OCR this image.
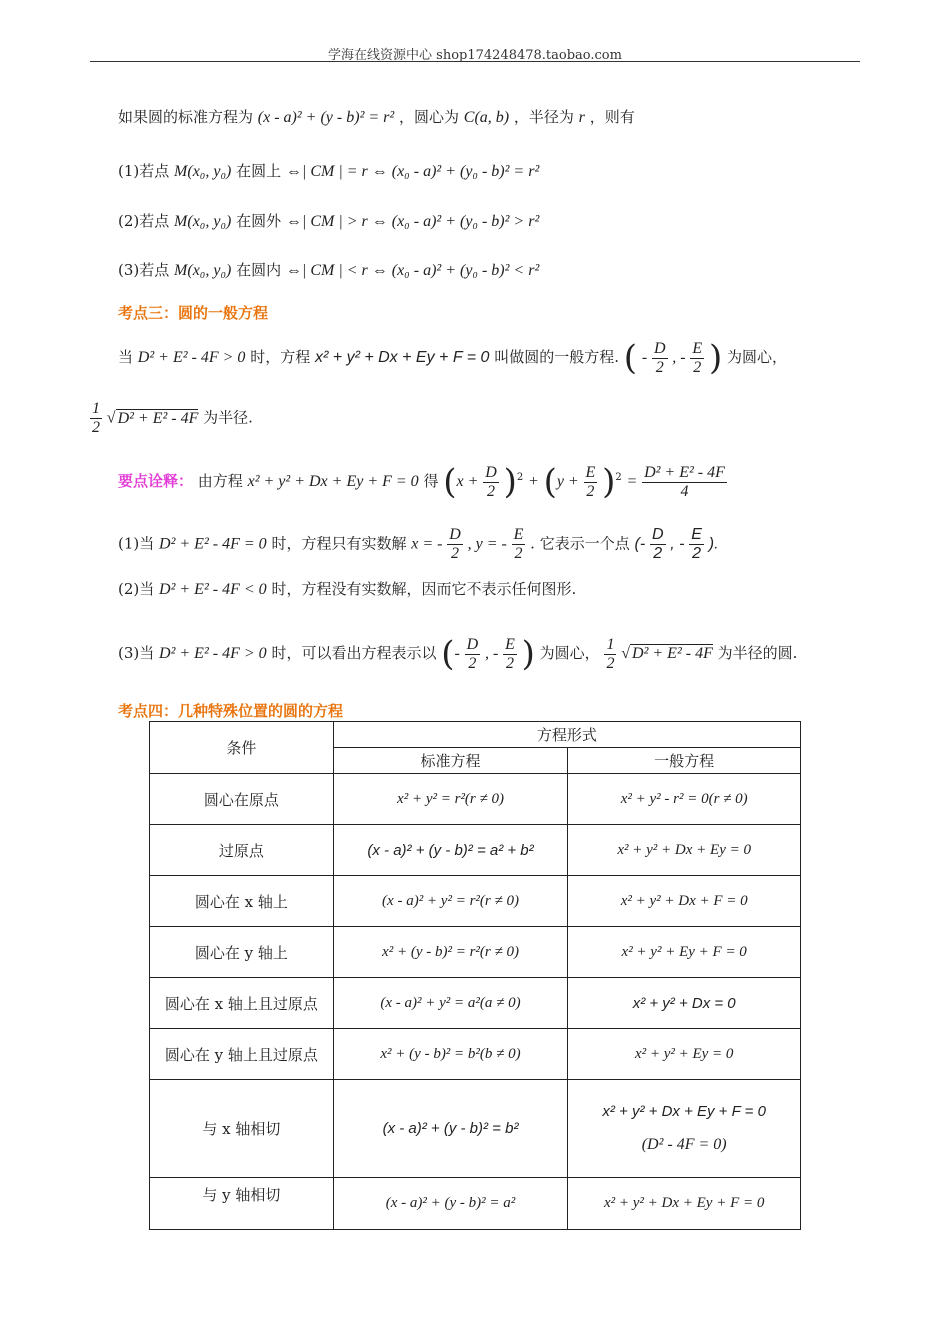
学海在线资源中心 shop174248478.taobao.com
如果圆的标准方程为 (x - a)² + (y - b)² = r² ，圆心为 C(a, b) ，半径为 r ，则有
(1)若点 M(x₀, y₀) 在圆上 ⇔| CM | = r ⇔ (x₀ - a)² + (y₀ - b)² = r²
(2)若点 M(x₀, y₀) 在圆外 ⇔| CM | > r ⇔ (x₀ - a)² + (y₀ - b)² > r²
(3)若点 M(x₀, y₀) 在圆内 ⇔| CM | < r ⇔ (x₀ - a)² + (y₀ - b)² < r²
考点三：圆的一般方程
当 D² + E² - 4F > 0 时，方程 x² + y² + Dx + Ey + F = 0 叫做圆的一般方程. ( - $\frac{D}{2}$ , - $\frac{E}{2}$ ) 为圆心，
$\frac{1}{2}$ √ D² + E² - 4F 为半径.
要点诠释： 由方程 x² + y² + Dx + Ey + F = 0 得 $(x + \frac{D}{2} )^2 + (y + \frac{E}{2} )^2 = \frac{\text{D² + E² - 4F}}{4}$
(1)当 D² + E² - 4F = 0 时，方程只有实数解 x = - $\frac{D}{2}$ , y = - $\frac{E}{2}$ . 它表示一个点 (- $\frac{D}{2}$ , - $\frac{E}{2}$ ).
(2)当 D² + E² - 4F < 0 时，方程没有实数解，因而它不表示任何图形.
(3)当 D² + E² - 4F > 0 时，可以看出方程表示以 (- $\frac{D}{2}$ , - $\frac{E}{2}$ ) 为圆心， $\frac{1}{2}$ √ D² + E² - 4F 为半径的圆.
考点四：几种特殊位置的圆的方程
条件	方程形式	
	标准方程	一般方程
圆心在原点	x² + y² = r²(r ≠ 0)	x² + y² - r² = 0(r ≠ 0)
过原点	(x - a)² + (y - b)² = a² + b²	x² + y² + Dx + Ey = 0
圆心在 x 轴上	(x - a)² + y² = r²(r ≠ 0)	x² + y² + Dx + F = 0
圆心在 y 轴上	x² + (y - b)² = r²(r ≠ 0)	x² + y² + Ey + F = 0
圆心在 x 轴上且过原点	(x - a)² + y² = a²(a ≠ 0)	x² + y² + Dx = 0
圆心在 y 轴上且过原点	x² + (y - b)² = b²(b ≠ 0)	x² + y² + Ey = 0
与 x 轴相切	(x - a)² + (y - b)² = b²	x² + y² + Dx + Ey + F = 0
(D² - 4F = 0)

与 y 轴相切	(x - a)² + (y - b)² = a²	x² + y² + Dx + Ey + F = 0
